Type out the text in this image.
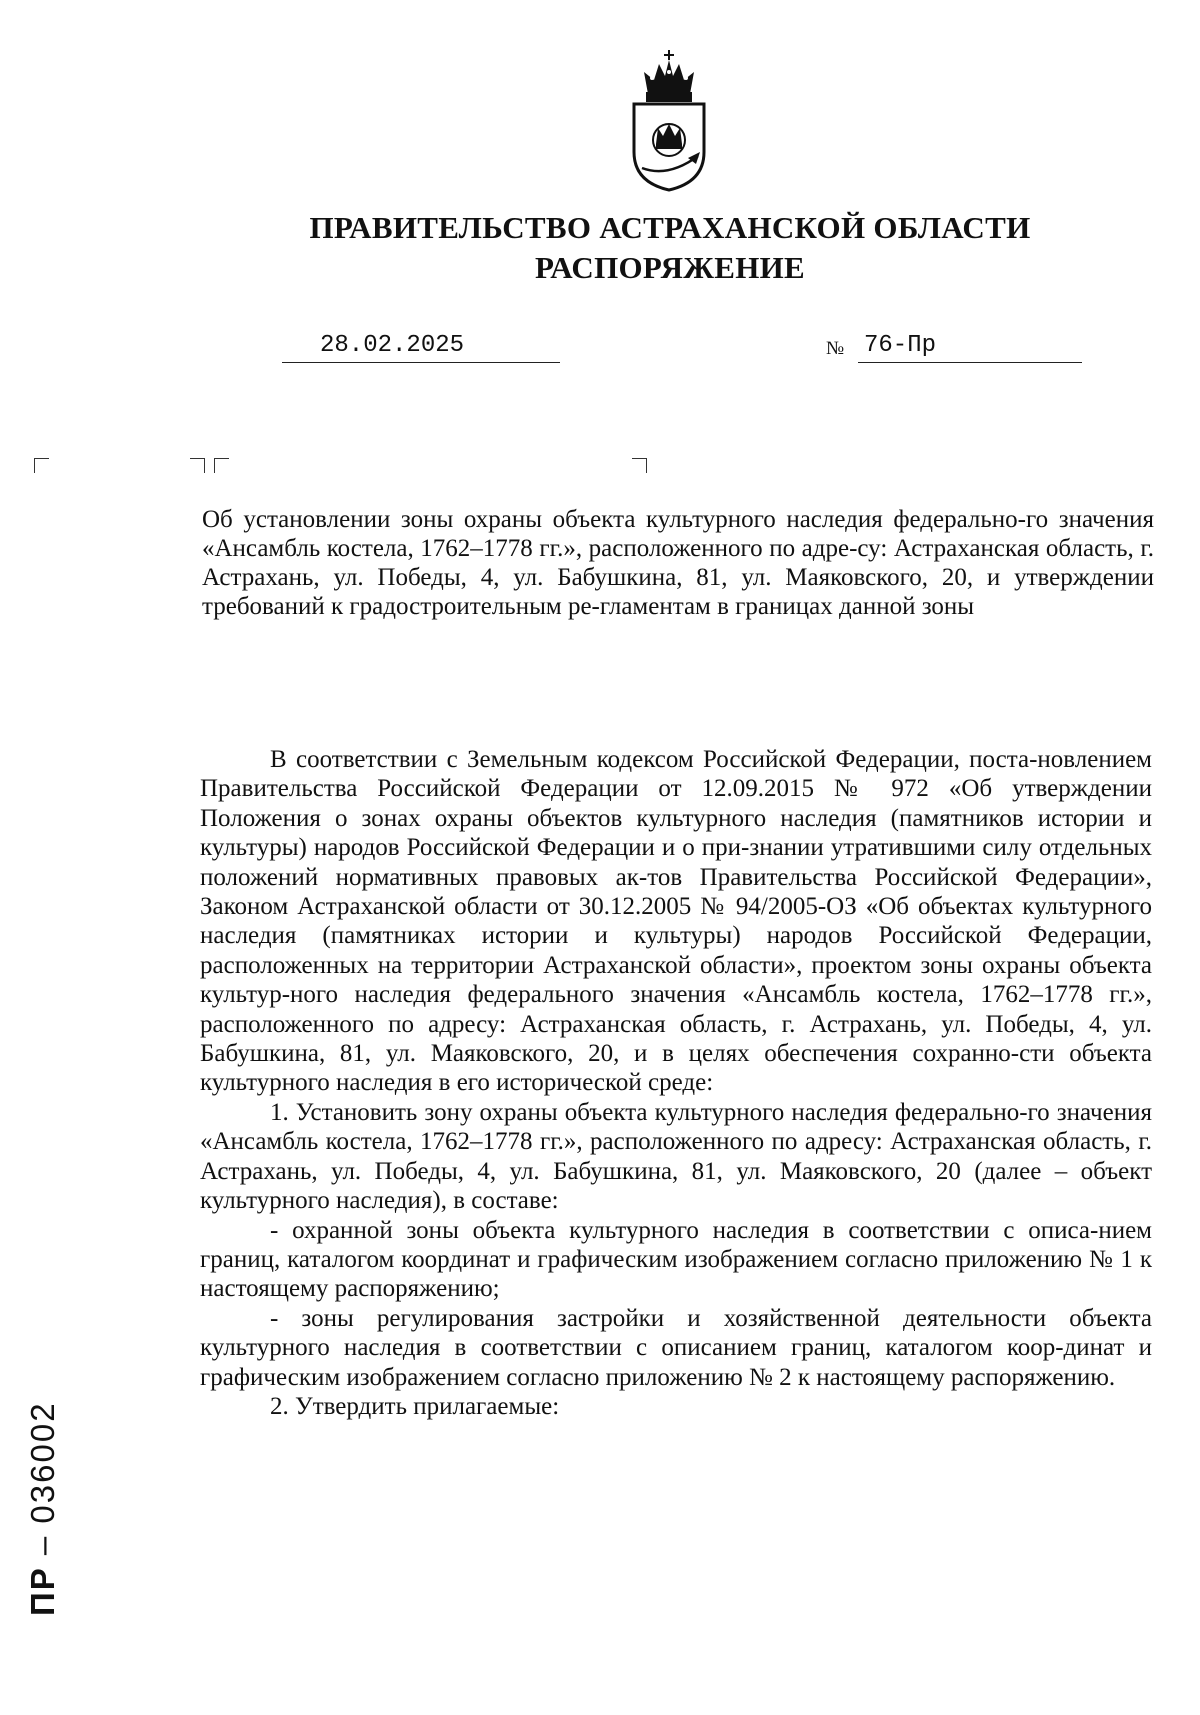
ПРАВИТЕЛЬСТВО АСТРАХАНСКОЙ ОБЛАСТИ
РАСПОРЯЖЕНИЕ
28.02.2025	№ 76-Пр
Об установлении зоны охраны объекта культурного наследия федерально-го значения «Ансамбль костела, 1762–1778 гг.», расположенного по адре-су: Астраханская область, г. Астрахань, ул. Победы, 4, ул. Бабушкина, 81, ул. Маяковского, 20, и утверждении требований к градостроительным ре-гламентам в границах данной зоны

В соответствии с Земельным кодексом Российской Федерации, поста-новлением Правительства Российской Федерации от 12.09.2015 № 972 «Об утверждении Положения о зонах охраны объектов культурного наследия (памятников истории и культуры) народов Российской Федерации и о при-знании утратившими силу отдельных положений нормативных правовых ак-тов Правительства Российской Федерации», Законом Астраханской области от 30.12.2005 № 94/2005-ОЗ «Об объектах культурного наследия (памятниках истории и культуры) народов Российской Федерации, расположенных на территории Астраханской области», проектом зоны охраны объекта культур-ного наследия федерального значения «Ансамбль костела, 1762–1778 гг.», расположенного по адресу: Астраханская область, г. Астрахань, ул. Победы, 4, ул. Бабушкина, 81, ул. Маяковского, 20, и в целях обеспечения сохранно-сти объекта культурного наследия в его исторической среде:

1. Установить зону охраны объекта культурного наследия федерально-го значения «Ансамбль костела, 1762–1778 гг.», расположенного по адресу: Астраханская область, г. Астрахань, ул. Победы, 4, ул. Бабушкина, 81, ул. Маяковского, 20 (далее – объект культурного наследия), в составе:

- охранной зоны объекта культурного наследия в соответствии с описа-нием границ, каталогом координат и графическим изображением согласно приложению № 1 к настоящему распоряжению;

- зоны регулирования застройки и хозяйственной деятельности объекта культурного наследия в соответствии с описанием границ, каталогом коор-динат и графическим изображением согласно приложению № 2 к настоящему распоряжению.

2. Утвердить прилагаемые:

ПР – 036002
